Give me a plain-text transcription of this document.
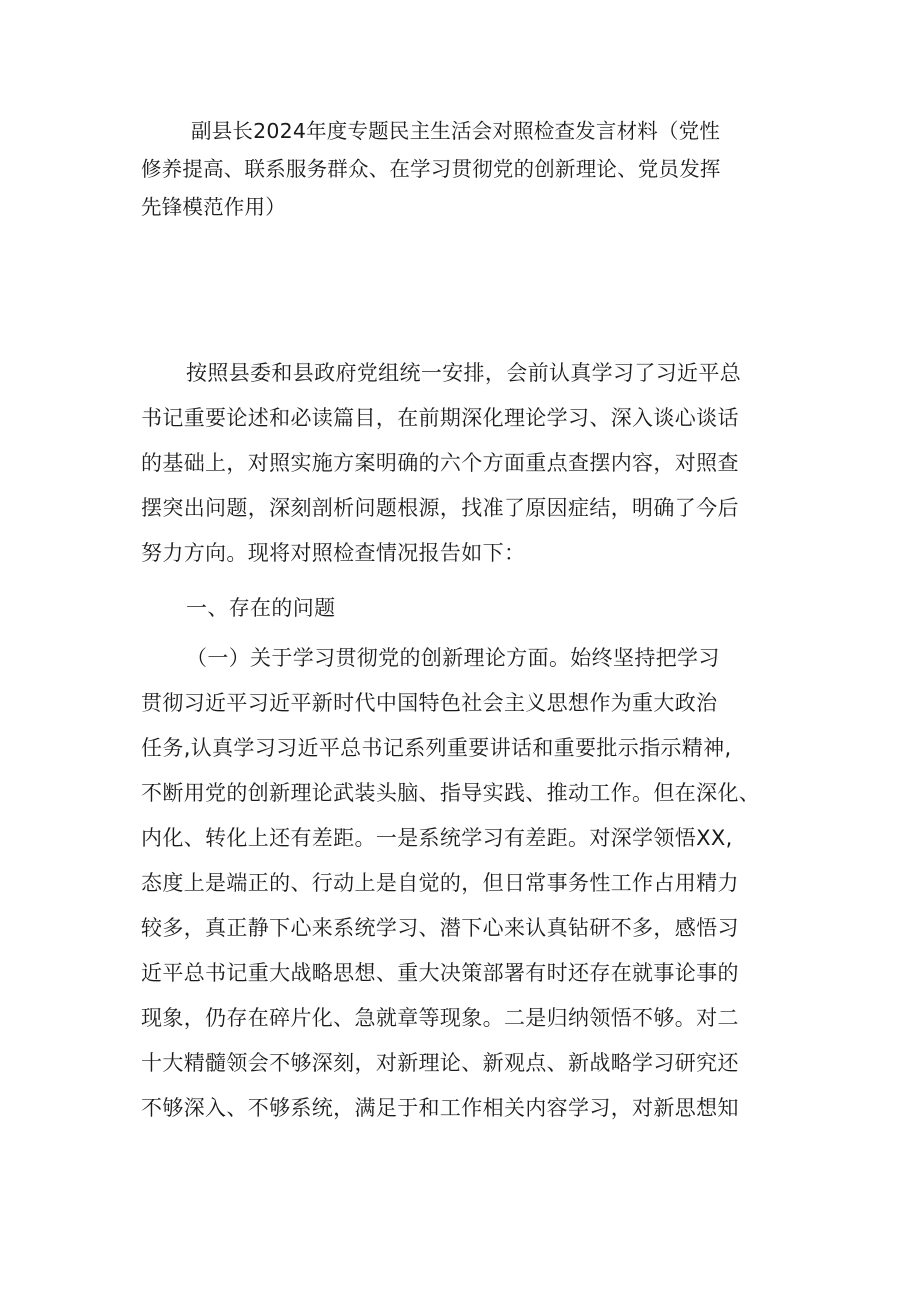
副县长2024年度专题民主生活会对照检查发言材料（党性

修养提高、联系服务群众、在学习贯彻党的创新理论、党员发挥

先锋模范作用）

按照县委和县政府党组统一安排，会前认真学习了习近平总

书记重要论述和必读篇目，在前期深化理论学习、深入谈心谈话

的基础上，对照实施方案明确的六个方面重点查摆内容，对照查

摆突出问题，深刻剖析问题根源，找准了原因症结，明确了今后

努力方向。现将对照检查情况报告如下：

一、存在的问题

（一）关于学习贯彻党的创新理论方面。始终坚持把学习

贯彻习近平习近平新时代中国特色社会主义思想作为重大政治

任务,认真学习习近平总书记系列重要讲话和重要批示指示精神,

不断用党的创新理论武装头脑、指导实践、推动工作。但在深化、

内化、转化上还有差距。一是系统学习有差距。对深学领悟XX,

态度上是端正的、行动上是自觉的，但日常事务性工作占用精力

较多，真正静下心来系统学习、潜下心来认真钻研不多，感悟习

近平总书记重大战略思想、重大决策部署有时还存在就事论事的

现象，仍存在碎片化、急就章等现象。二是归纳领悟不够。对二

十大精髓领会不够深刻，对新理论、新观点、新战略学习研究还

不够深入、不够系统，满足于和工作相关内容学习，对新思想知
